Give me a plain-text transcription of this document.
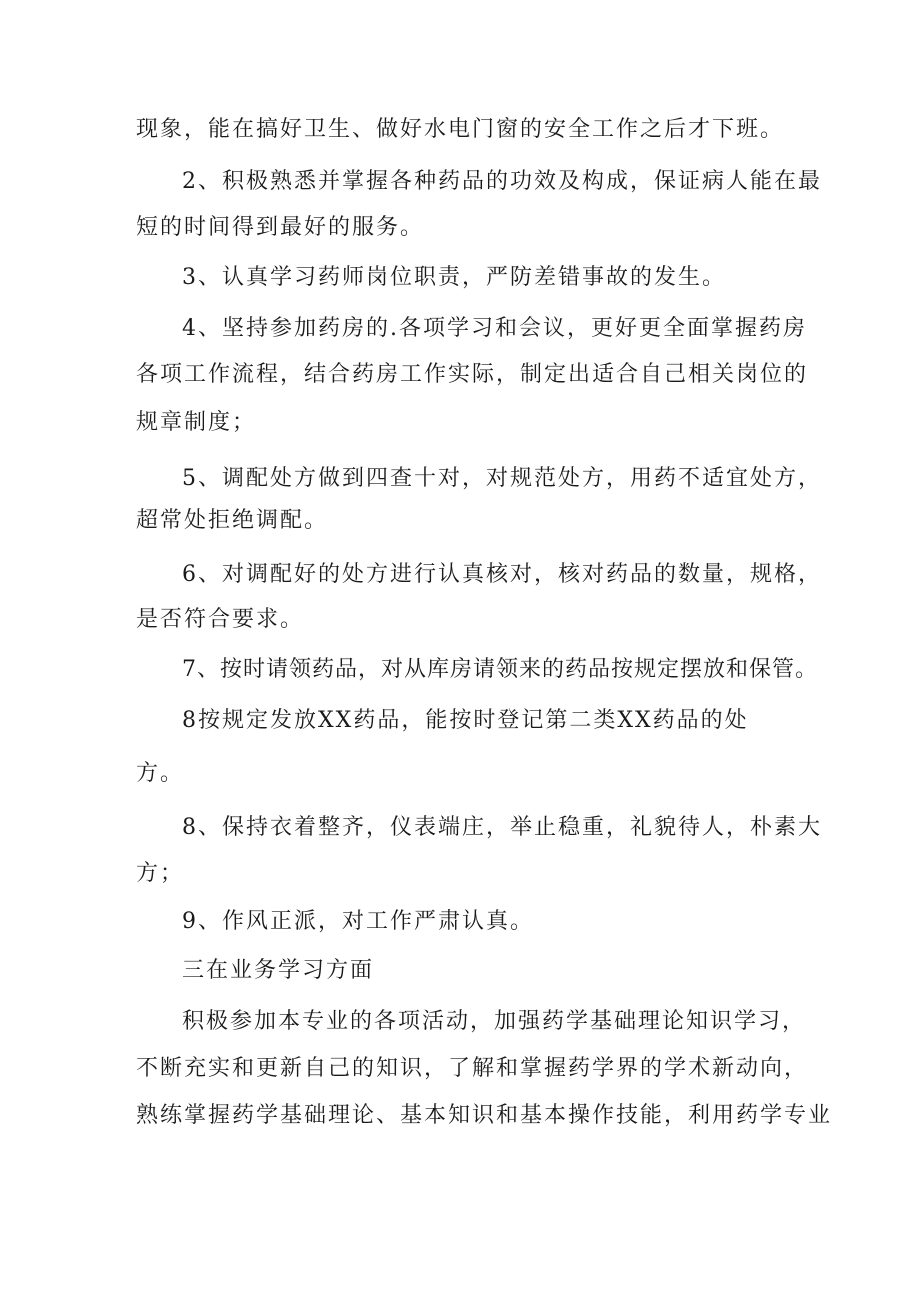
现象，能在搞好卫生、做好水电门窗的安全工作之后才下班。
2、积极熟悉并掌握各种药品的功效及构成，保证病人能在最
短的时间得到最好的服务。
3、认真学习药师岗位职责，严防差错事故的发生。
4、坚持参加药房的.各项学习和会议，更好更全面掌握药房
各项工作流程，结合药房工作实际，制定出适合自己相关岗位的
规章制度；
5、调配处方做到四查十对，对规范处方，用药不适宜处方，
超常处拒绝调配。
6、对调配好的处方进行认真核对，核对药品的数量，规格，
是否符合要求。
7、按时请领药品，对从库房请领来的药品按规定摆放和保管。
8按规定发放XX药品，能按时登记第二类XX药品的处
方。
8、保持衣着整齐，仪表端庄，举止稳重，礼貌待人，朴素大
方；
9、作风正派，对工作严肃认真。
三在业务学习方面
积极参加本专业的各项活动，加强药学基础理论知识学习，
不断充实和更新自己的知识，了解和掌握药学界的学术新动向，
熟练掌握药学基础理论、基本知识和基本操作技能，利用药学专业
